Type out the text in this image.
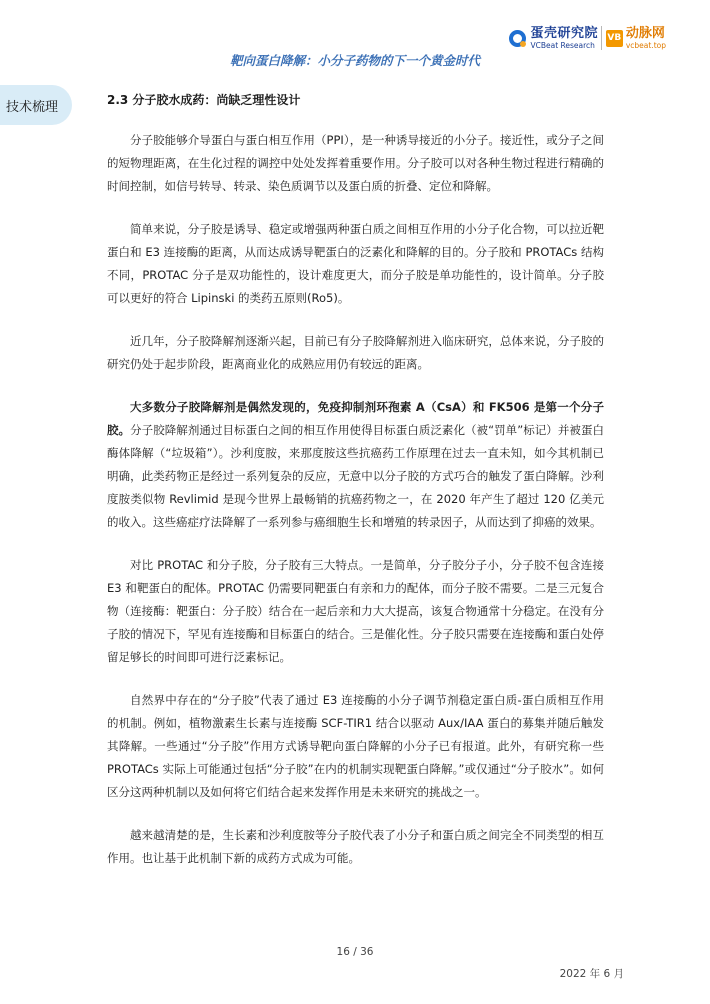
蛋壳研究院
VCBeat Research
VB 动脉网
vcbeat.top
靶向蛋白降解：小分子药物的下一个黄金时代
技术梳理	2.3 分子胶水成药：尚缺乏理性设计

分子胶能够介导蛋白与蛋白相互作用（PPI），是一种诱导接近的小分子。接近性，或分子之间的短物理距离，在生化过程的调控中处处发挥着重要作用。分子胶可以对各种生物过程进行精确的时间控制，如信号转导、转录、染色质调节以及蛋白质的折叠、定位和降解。

简单来说，分子胶是诱导、稳定或增强两种蛋白质之间相互作用的小分子化合物，可以拉近靶蛋白和 E3 连接酶的距离，从而达成诱导靶蛋白的泛素化和降解的目的。分子胶和 PROTACs 结构不同，PROTAC 分子是双功能性的，设计难度更大，而分子胶是单功能性的，设计简单。分子胶可以更好的符合 Lipinski 的类药五原则(Ro5)。

近几年，分子胶降解剂逐渐兴起，目前已有分子胶降解剂进入临床研究，总体来说，分子胶的研究仍处于起步阶段，距离商业化的成熟应用仍有较远的距离。

大多数分子胶降解剂是偶然发现的，免疫抑制剂环孢素 A（CsA）和 FK506 是第一个分子胶。分子胶降解剂通过目标蛋白之间的相互作用使得目标蛋白质泛素化（被“罚单”标记）并被蛋白酶体降解（“垃圾箱”）。沙利度胺，来那度胺这些抗癌药工作原理在过去一直未知，如今其机制已明确，此类药物正是经过一系列复杂的反应，无意中以分子胶的方式巧合的触发了蛋白降解。沙利度胺类似物 Revlimid 是现今世界上最畅销的抗癌药物之一，在 2020 年产生了超过 120 亿美元的收入。这些癌症疗法降解了一系列参与癌细胞生长和增殖的转录因子，从而达到了抑癌的效果。

对比 PROTAC 和分子胶，分子胶有三大特点。一是简单，分子胶分子小，分子胶不包含连接 E3 和靶蛋白的配体。PROTAC 仍需要同靶蛋白有亲和力的配体，而分子胶不需要。二是三元复合物（连接酶：靶蛋白：分子胶）结合在一起后亲和力大大提高，该复合物通常十分稳定。在没有分子胶的情况下，罕见有连接酶和目标蛋白的结合。三是催化性。分子胶只需要在连接酶和蛋白处停留足够长的时间即可进行泛素标记。

自然界中存在的“分子胶”代表了通过 E3 连接酶的小分子调节剂稳定蛋白质-蛋白质相互作用的机制。例如，植物激素生长素与连接酶 SCF-TIR1 结合以驱动 Aux/IAA 蛋白的募集并随后触发其降解。一些通过“分子胶”作用方式诱导靶向蛋白降解的小分子已有报道。此外，有研究称一些 PROTACs 实际上可能通过包括“分子胶”在内的机制实现靶蛋白降解。”或仅通过“分子胶水”。如何区分这两种机制以及如何将它们结合起来发挥作用是未来研究的挑战之一。

越来越清楚的是，生长素和沙利度胺等分子胶代表了小分子和蛋白质之间完全不同类型的相互作用。也让基于此机制下新的成药方式成为可能。

16 / 36
2022 年 6 月
